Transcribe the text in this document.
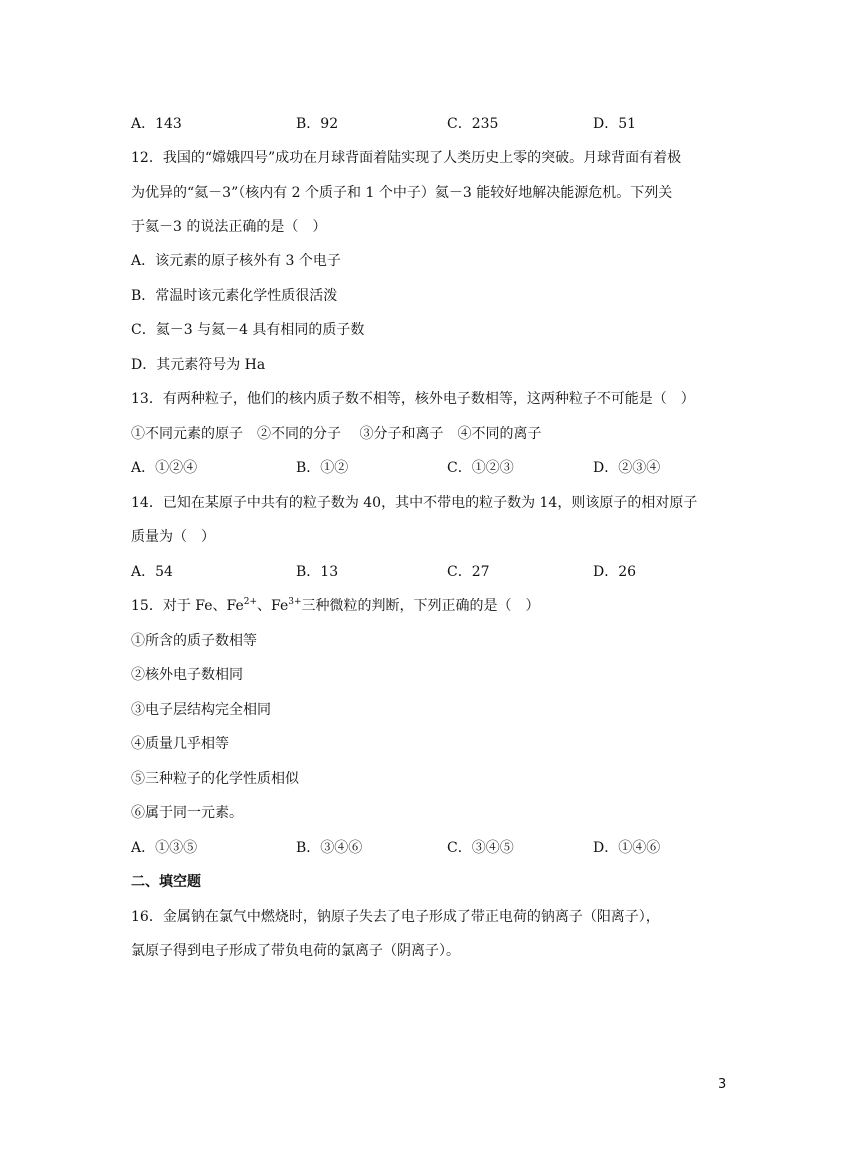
A．143	B．92	C．235	D．51
12．我国的“嫦娥四号”成功在月球背面着陆实现了人类历史上零的突破。月球背面有着极
为优异的“氦－3”（核内有 2 个质子和 1 个中子）氦－3 能较好地解决能源危机。下列关
于氦－3 的说法正确的是（　）
A．该元素的原子核外有 3 个电子
B．常温时该元素化学性质很活泼
C．氦－3 与氦－4 具有相同的质子数
D．其元素符号为 Ha
13．有两种粒子，他们的核内质子数不相等，核外电子数相等，这两种粒子不可能是（　）
①不同元素的原子　②不同的分子　 ③分子和离子　④不同的离子
A．①②④	B．①②	C．①②③	D．②③④
14．已知在某原子中共有的粒子数为 40，其中不带电的粒子数为 14，则该原子的相对原子
质量为（　）
A．54	B．13	C．27	D．26
15．对于 Fe、$Fe^{2+}$、$Fe^{3+}$三种微粒的判断，下列正确的是（　）
①所含的质子数相等
②核外电子数相同
③电子层结构完全相同
④质量几乎相等
⑤三种粒子的化学性质相似
⑥属于同一元素。
A．①③⑤	B．③④⑥	C．③④⑤	D．①④⑥
二、填空题
16．金属钠在氯气中燃烧时，钠原子失去了电子形成了带正电荷的钠离子（阳离子），
氯原子得到电子形成了带负电荷的氯离子（阴离子）。
3
